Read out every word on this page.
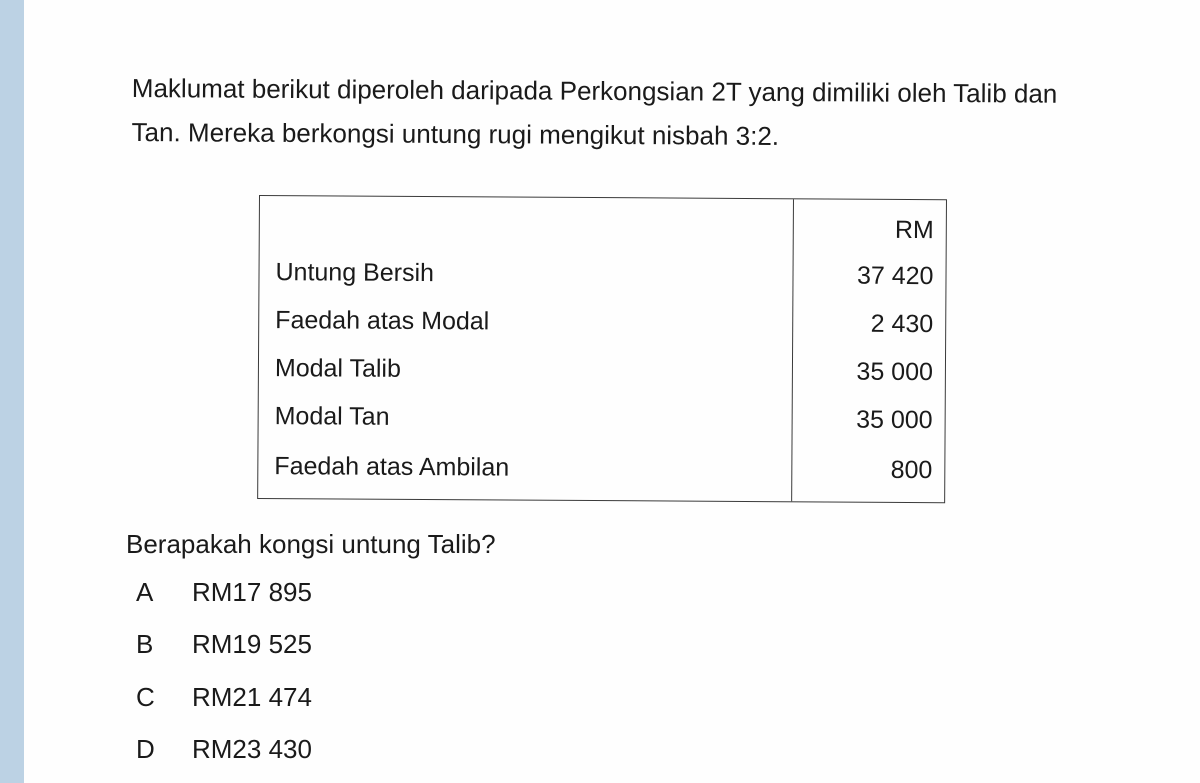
Maklumat berikut diperoleh daripada Perkongsian 2T yang dimiliki oleh Talib dan
Tan. Mereka berkongsi untung rugi mengikut nisbah 3:2.
RM
Untung Bersih	37 420
Faedah atas Modal	2 430
Modal Talib	35 000
Modal Tan	35 000
Faedah atas Ambilan	800

Berapakah kongsi untung Talib?

A RM17 895
B RM19 525
C RM21 474
D RM23 430
